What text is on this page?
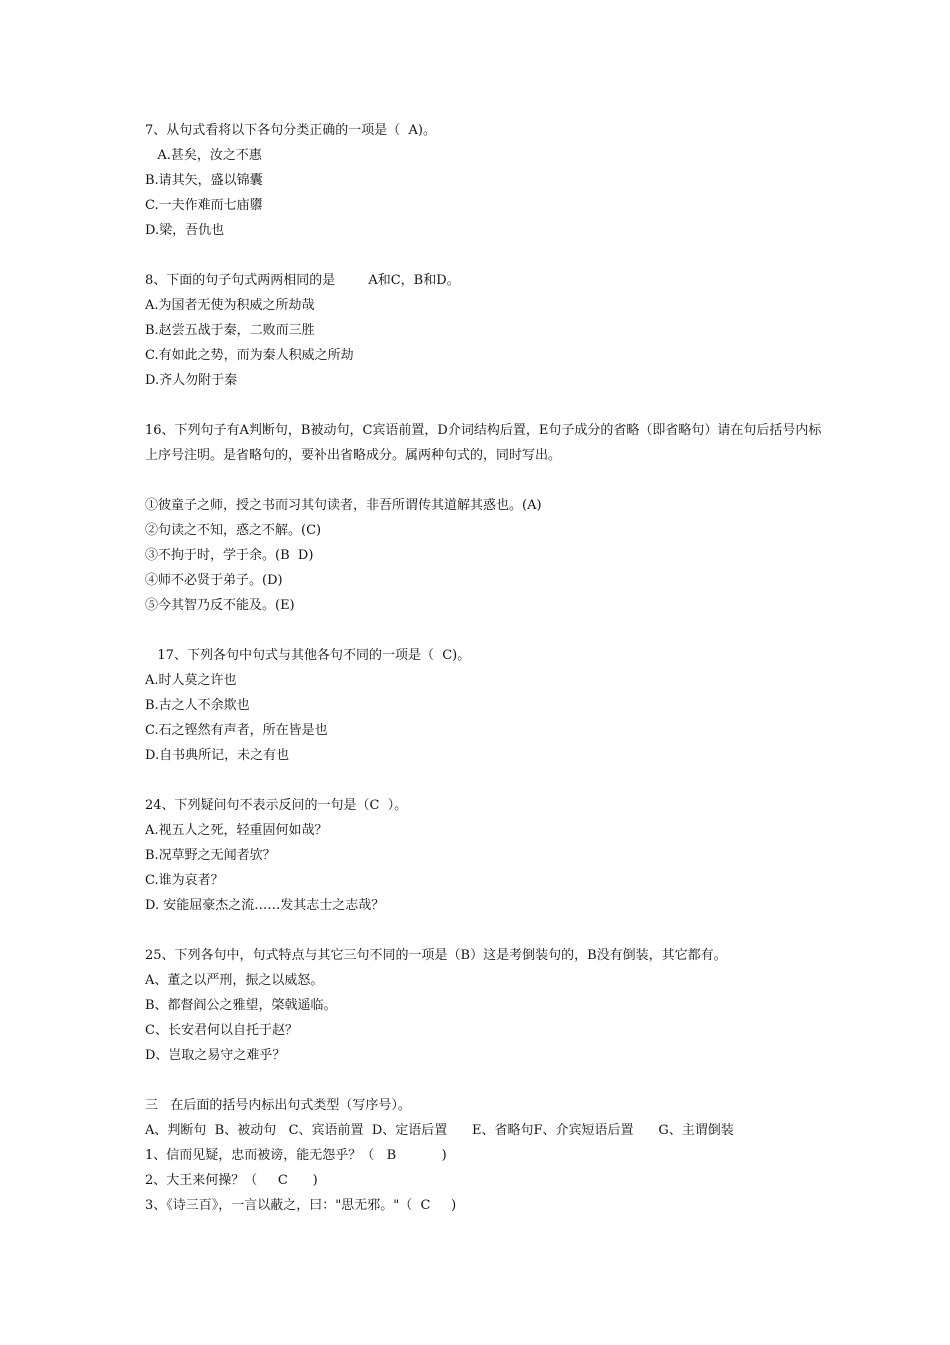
7、从句式看将以下各句分类正确的一项是（  A)。
A.甚矣，汝之不惠
B.请其矢，盛以锦囊
C.一夫作难而七庙隳
D.梁，吾仇也
8、下面的句子句式两两相同的是        A和C，B和D。
A.为国者无使为积威之所劫哉
B.赵尝五战于秦，二败而三胜
C.有如此之势，而为秦人积威之所劫
D.齐人勿附于秦
16、下列句子有A判断句，B被动句，C宾语前置，D介词结构后置，E句子成分的省略（即省略句）请在句后括号内标上序号注明。是省略句的，要补出省略成分。属两种句式的，同时写出。
①彼童子之师，授之书而习其句读者，非吾所谓传其道解其惑也。(A)
②句读之不知，惑之不解。(C)
③不拘于时，学于余。(B  D)
④师不必贤于弟子。(D)
⑤今其智乃反不能及。(E)
17、下列各句中句式与其他各句不同的一项是（  C)。
A.时人莫之许也
B.古之人不余欺也
C.石之铿然有声者，所在皆是也
D.自书典所记，未之有也
24、下列疑问句不表示反问的一句是（C  ）。
A.视五人之死，轻重固何如哉？
B.况草野之无闻者欤？
C.谁为哀者？
D. 安能屈豪杰之流……发其志士之志哉？
25、下列各句中，句式特点与其它三句不同的一项是（B）这是考倒装句的，B没有倒装，其它都有。
A、董之以严刑，振之以威怒。
B、都督阎公之雅望，棨戟遥临。
C、长安君何以自托于赵？
D、岂取之易守之难乎？
三   在后面的括号内标出句式类型（写序号）。
A、判断句  B、被动句   C、宾语前置  D、定语后置      E、省略句F、介宾短语后置      G、主谓倒装
1、信而见疑，忠而被谤，能无怨乎？（   B           )
2、大王来何操？（     C      )
3、《诗三百》，一言以蔽之，曰："思无邪。"（  C     )
